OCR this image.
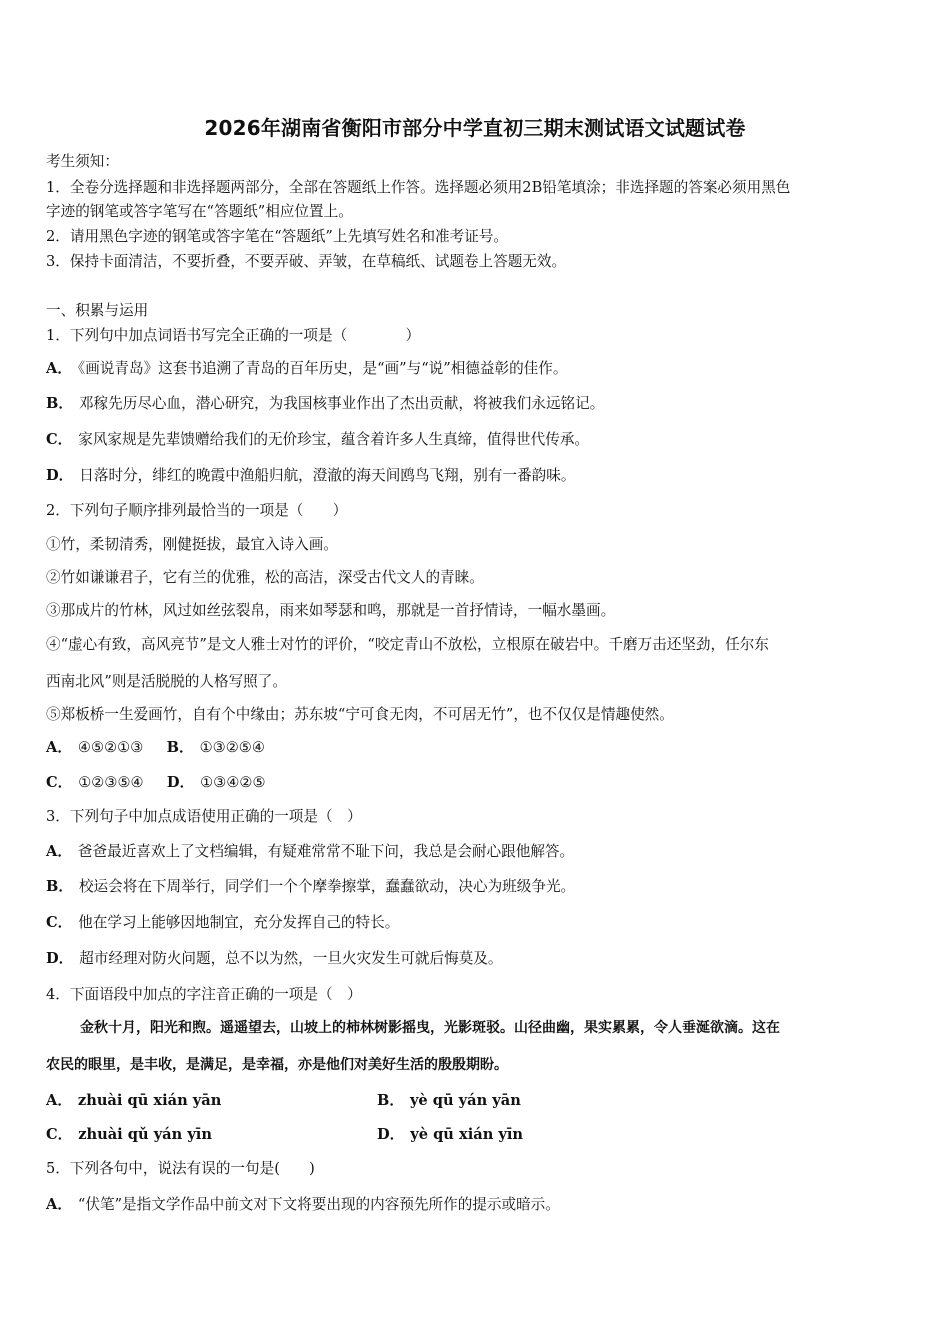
2026年湖南省衡阳市部分中学直初三期末测试语文试题试卷
考生须知：
1．全卷分选择题和非选择题两部分，全部在答题纸上作答。选择题必须用2B铅笔填涂；非选择题的答案必须用黑色
字迹的钢笔或答字笔写在“答题纸”相应位置上。
2．请用黑色字迹的钢笔或答字笔在“答题纸”上先填写姓名和准考证号。
3．保持卡面清洁，不要折叠，不要弄破、弄皱，在草稿纸、试题卷上答题无效。
一、积累与运用
1．下列句中加点词语书写完全正确的一项是（　　　　）
A． 《画说青岛》这套书追溯了青岛的百年历史，是“画”与“说”相德益彰的佳作。
B． 邓稼先历尽心血，潜心研究，为我国核事业作出了杰出贡献，将被我们永远铭记。
C． 家风家规是先辈馈赠给我们的无价珍宝，蕴含着许多人生真缔，值得世代传承。
D． 日落时分，绯红的晚霞中渔船归航，澄澈的海天间鸥鸟飞翔，别有一番韵味。
2．下列句子顺序排列最恰当的一项是（　　）
①竹，柔韧清秀，刚健挺拔，最宜入诗入画。
②竹如谦谦君子，它有兰的优雅，松的高洁，深受古代文人的青睐。
③那成片的竹林，风过如丝弦裂帛，雨来如琴瑟和鸣，那就是一首抒情诗，一幅水墨画。
④“虚心有致，高风亮节”是文人雅士对竹的评价，“咬定青山不放松，立根原在破岩中。千磨万击还坚劲，任尔东
西南北风”则是活脱脱的人格写照了。
⑤郑板桥一生爱画竹，自有个中缘由；苏东坡“宁可食无肉，不可居无竹”，也不仅仅是情趣使然。
A． ④⑤②①③ B． ①③②⑤④
C． ①②③⑤④ D． ①③④②⑤
3．下列句子中加点成语使用正确的一项是（　）
A． 爸爸最近喜欢上了文档编辑，有疑难常常不耻下问，我总是会耐心跟他解答。
B． 校运会将在下周举行，同学们一个个摩拳擦掌，蠢蠢欲动，决心为班级争光。
C． 他在学习上能够因地制宜，充分发挥自己的特长。
D． 超市经理对防火问题，总不以为然，一旦火灾发生可就后悔莫及。
4．下面语段中加点的字注音正确的一项是（　）
金秋十月，阳光和煦。遥遥望去，山坡上的柿林树影摇曳，光影斑驳。山径曲幽，果实累累，令人垂涎欲滴。这在
农民的眼里，是丰收，是满足，是幸福，亦是他们对美好生活的殷殷期盼。
A． zhuài qū xián yān	B． yè qū yán yān
C． zhuài qǔ yán yīn	D． yè qū xián yīn
5．下列各句中，说法有误的一句是(　　)
A． “伏笔”是指文学作品中前文对下文将要出现的内容预先所作的提示或暗示。
